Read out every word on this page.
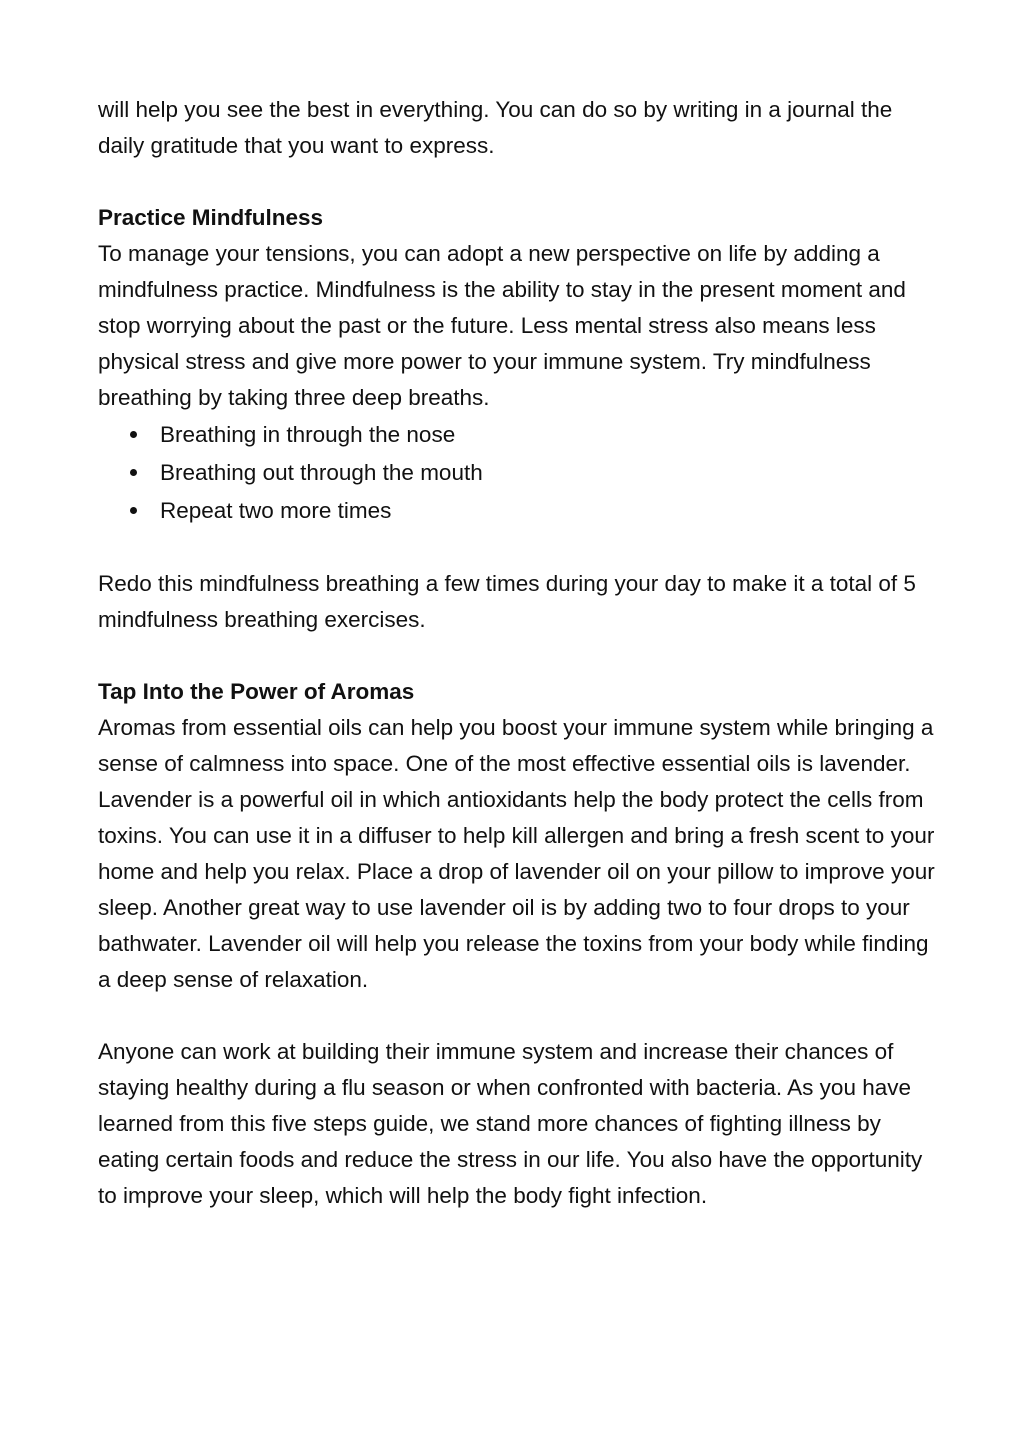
will help you see the best in everything. You can do so by writing in a journal the daily gratitude that you want to express.

Practice Mindfulness

To manage your tensions, you can adopt a new perspective on life by adding a mindfulness practice. Mindfulness is the ability to stay in the present moment and stop worrying about the past or the future. Less mental stress also means less physical stress and give more power to your immune system. Try mindfulness breathing by taking three deep breaths.

Breathing in through the nose
Breathing out through the mouth
Repeat two more times

Redo this mindfulness breathing a few times during your day to make it a total of 5 mindfulness breathing exercises.

Tap Into the Power of Aromas

Aromas from essential oils can help you boost your immune system while bringing a sense of calmness into space. One of the most effective essential oils is lavender. Lavender is a powerful oil in which antioxidants help the body protect the cells from toxins. You can use it in a diffuser to help kill allergen and bring a fresh scent to your home and help you relax. Place a drop of lavender oil on your pillow to improve your sleep. Another great way to use lavender oil is by adding two to four drops to your bathwater. Lavender oil will help you release the toxins from your body while finding a deep sense of relaxation.

Anyone can work at building their immune system and increase their chances of staying healthy during a flu season or when confronted with bacteria. As you have learned from this five steps guide, we stand more chances of fighting illness by eating certain foods and reduce the stress in our life. You also have the opportunity to improve your sleep, which will help the body fight infection.
